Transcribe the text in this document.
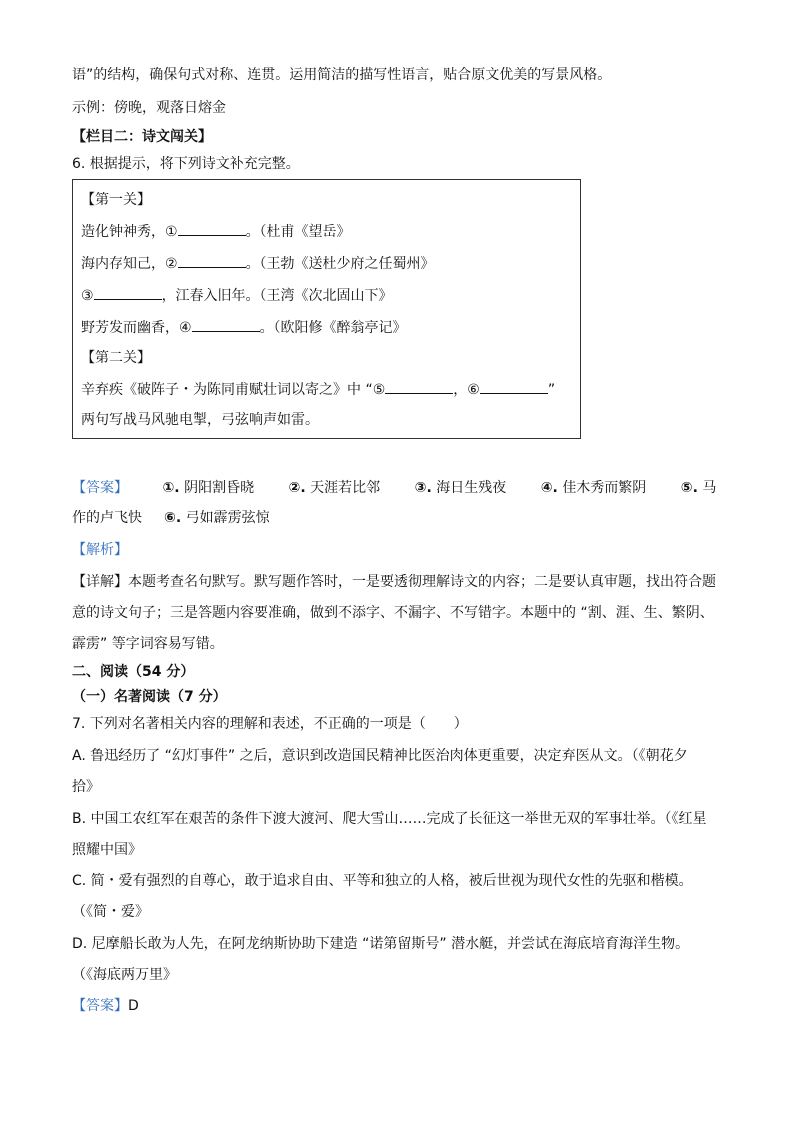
语”的结构，确保句式对称、连贯。运用简洁的描写性语言，贴合原文优美的写景风格。
示例：傍晚，观落日熔金
【栏目二：诗文闯关】
6. 根据提示，将下列诗文补充完整。
【第一关】
造化钟神秀，①	。（杜甫《望岳》
海内存知己，②	。（王勃《送杜少府之任蜀州》
③	，江春入旧年。（王湾《次北固山下》
野芳发而幽香，④	。（欧阳修《醉翁亭记》
【第二关】
辛弃疾《破阵子・为陈同甫赋壮词以寄之》中 “⑤	，⑥	”
两句写战马风驰电掣，弓弦响声如雷。
【答案】 ①. 阴阳割昏晓 ②. 天涯若比邻 ③. 海日生残夜 ④. 佳木秀而繁阴 ⑤. 马
作的卢飞快 ⑥. 弓如霹雳弦惊
【解析】
【详解】本题考查名句默写。默写题作答时，一是要透彻理解诗文的内容；二是要认真审题，找出符合题
意的诗文句子；三是答题内容要准确，做到不添字、不漏字、不写错字。本题中的 “割、涯、生、繁阴、
霹雳” 等字词容易写错。
二、阅读（54 分）
（一）名著阅读（7 分）
7. 下列对名著相关内容的理解和表述，不正确的一项是（　　）
A. 鲁迅经历了 “幻灯事件” 之后，意识到改造国民精神比医治肉体更重要，决定弃医从文。（《朝花夕
拾》
B. 中国工农红军在艰苦的条件下渡大渡河、爬大雪山……完成了长征这一举世无双的军事壮举。（《红星
照耀中国》
C. 简・爱有强烈的自尊心，敢于追求自由、平等和独立的人格，被后世视为现代女性的先驱和楷模。
（《简・爱》
D. 尼摩船长敢为人先，在阿龙纳斯协助下建造 “诺第留斯号” 潜水艇，并尝试在海底培育海洋生物。
（《海底两万里》
【答案】D
